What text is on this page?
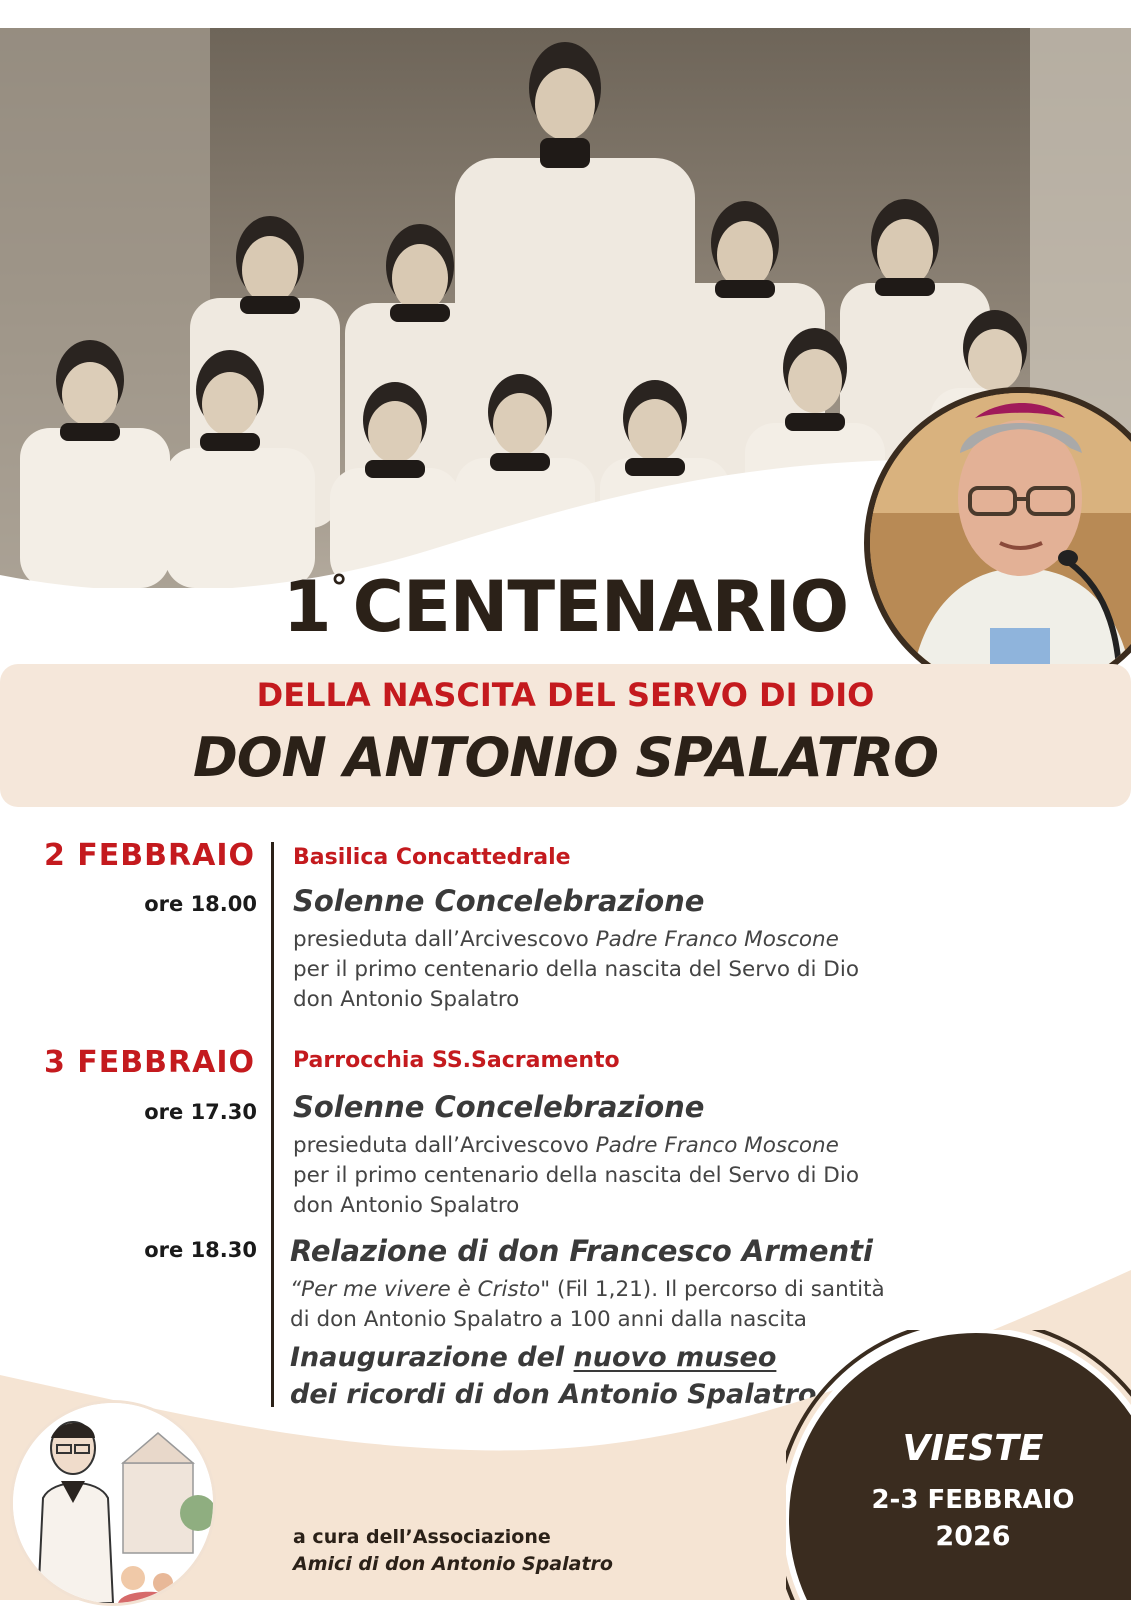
1°CENTENARIO
DELLA NASCITA DEL SERVO DI DIO
DON ANTONIO SPALATRO
2 FEBBRAIO Basilica Concattedrale
ore 18.00 Solenne Concelebrazione
presieduta dall’Arcivescovo Padre Franco Moscone
per il primo centenario della nascita del Servo di Dio
don Antonio Spalatro
3 FEBBRAIO Parrocchia SS.Sacramento
ore 17.30 Solenne Concelebrazione
presieduta dall’Arcivescovo Padre Franco Moscone
per il primo centenario della nascita del Servo di Dio
don Antonio Spalatro
ore 18.30 Relazione di don Francesco Armenti
“Per me vivere è Cristo" (Fil 1,21). Il percorso di santità
di don Antonio Spalatro a 100 anni dalla nascita
Inaugurazione del nuovo museo
dei ricordi di don Antonio Spalatro
a cura dell’Associazione
Amici di don Antonio Spalatro
VIESTE
2-3 FEBBRAIO
2026
